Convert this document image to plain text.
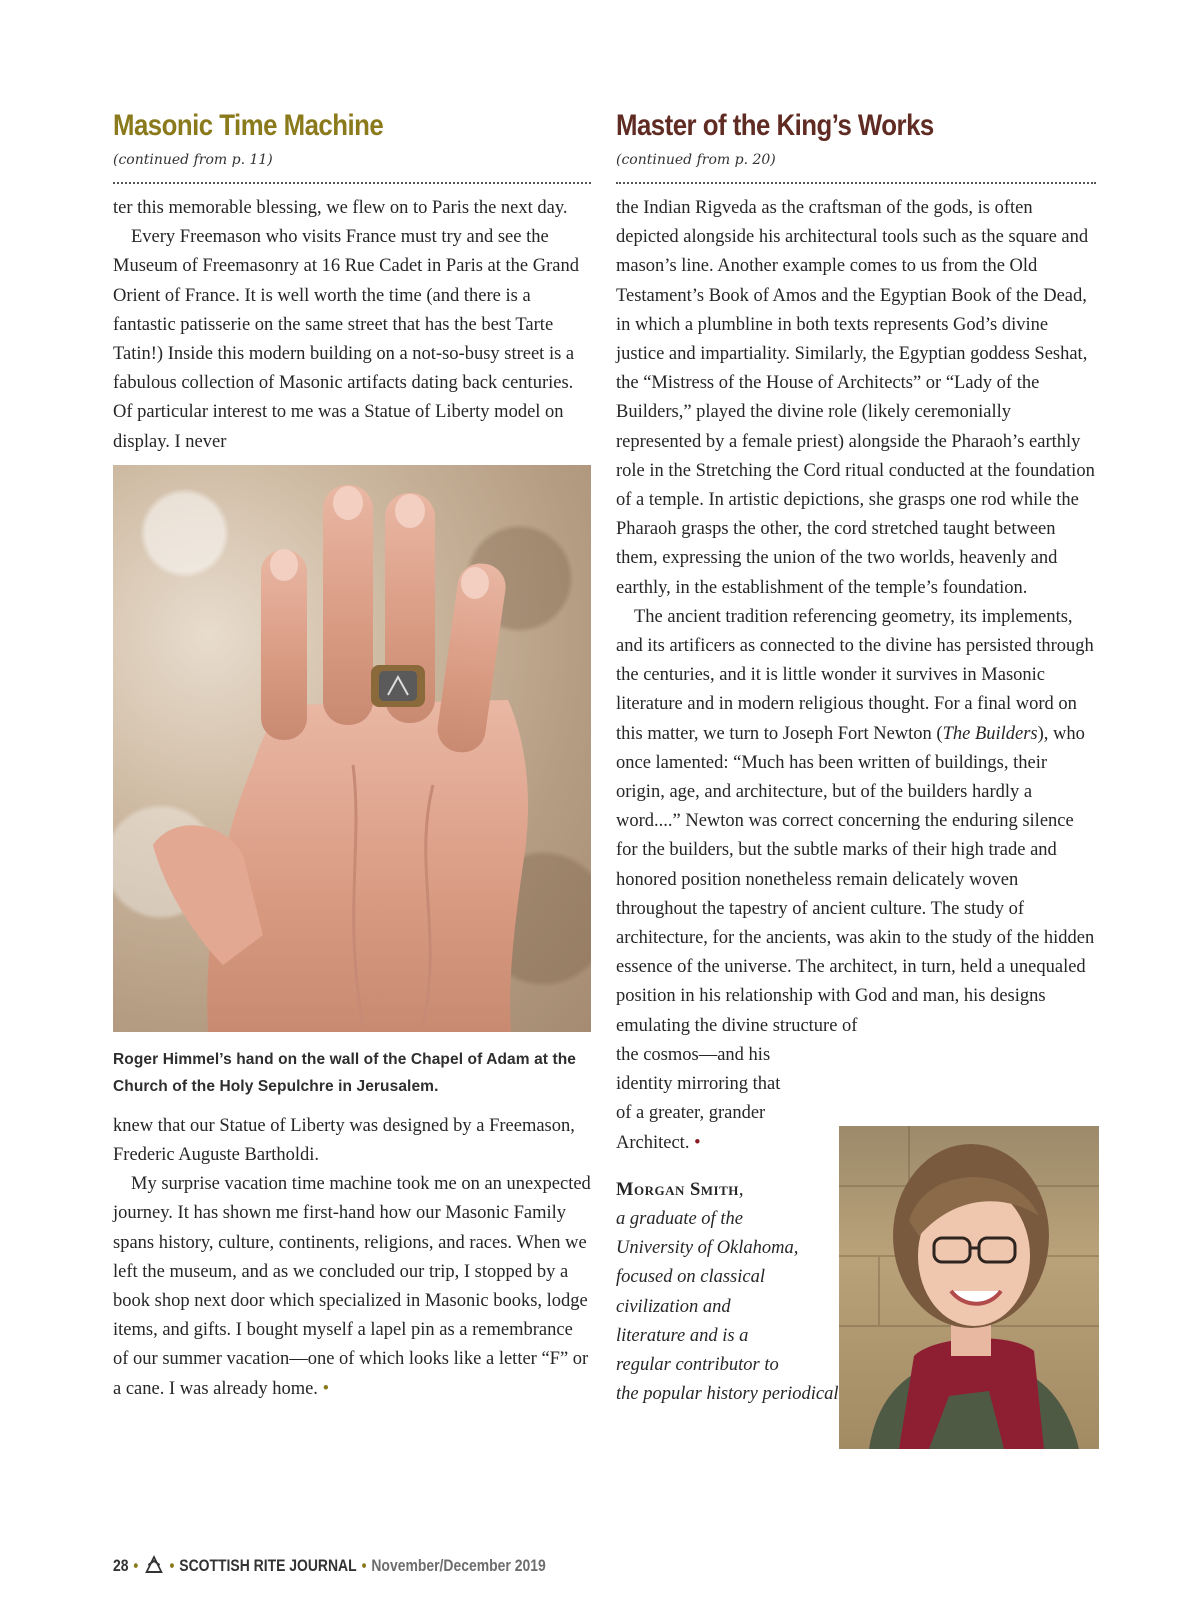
Masonic Time Machine

(continued from p. 11)

ter this memorable blessing, we flew on to Paris the next day.

Every Freemason who visits France must try and see the Museum of Freemasonry at 16 Rue Cadet in Paris at the Grand Orient of France. It is well worth the time (and there is a fantastic patisserie on the same street that has the best Tarte Tatin!) Inside this modern building on a not-so-busy street is a fabulous collection of Masonic artifacts dating back centuries. Of particular interest to me was a Statue of Liberty model on display. I never

Roger Himmel’s hand on the wall of the Chapel of Adam at the Church of the Holy Sepulchre in Jerusalem.

knew that our Statue of Liberty was designed by a Freemason, Frederic Auguste Bartholdi.

My surprise vacation time machine took me on an unexpected journey. It has shown me first-hand how our Masonic Family spans history, culture, continents, religions, and races. When we left the museum, and as we concluded our trip, I stopped by a book shop next door which specialized in Masonic books, lodge items, and gifts. I bought myself a lapel pin as a remembrance of our summer vacation—one of which looks like a letter “F” or a cane. I was already home. •

Master of the King’s Works

(continued from p. 20)

the Indian Rigveda as the craftsman of the gods, is often depicted alongside his architectural tools such as the square and mason’s line. Another example comes to us from the Old Testament’s Book of Amos and the Egyptian Book of the Dead, in which a plumbline in both texts represents God’s divine justice and impartiality. Similarly, the Egyptian goddess Seshat, the “Mistress of the House of Architects” or “Lady of the Builders,” played the divine role (likely ceremonially represented by a female priest) alongside the Pharaoh’s earthly role in the Stretching the Cord ritual conducted at the foundation of a temple. In artistic depictions, she grasps one rod while the Pharaoh grasps the other, the cord stretched taught between them, expressing the union of the two worlds, heavenly and earthly, in the establishment of the temple’s foundation.

The ancient tradition referencing geometry, its implements, and its artificers as connected to the divine has persisted through the centuries, and it is little wonder it survives in Masonic literature and in modern religious thought. For a final word on this matter, we turn to Joseph Fort Newton (The Builders), who once lamented: “Much has been written of buildings, their origin, age, and architecture, but of the builders hardly a word....” Newton was correct concerning the enduring silence for the builders, but the subtle marks of their high trade and honored position nonetheless remain delicately woven throughout the tapestry of ancient culture. The study of architecture, for the ancients, was akin to the study of the hidden essence of the universe. The architect, in turn, held a unequaled position in his relationship with God and man, his designs emulating the divine structure of

the cosmos—and his
identity mirroring that
of a greater, grander
Architect. •

Morgan Smith,
a graduate of the
University of Oklahoma,
focused on classical
civilization and
literature and is a
regular contributor to
the popular history periodical

28 • • SCOTTISH RITE JOURNAL • November/December 2019
